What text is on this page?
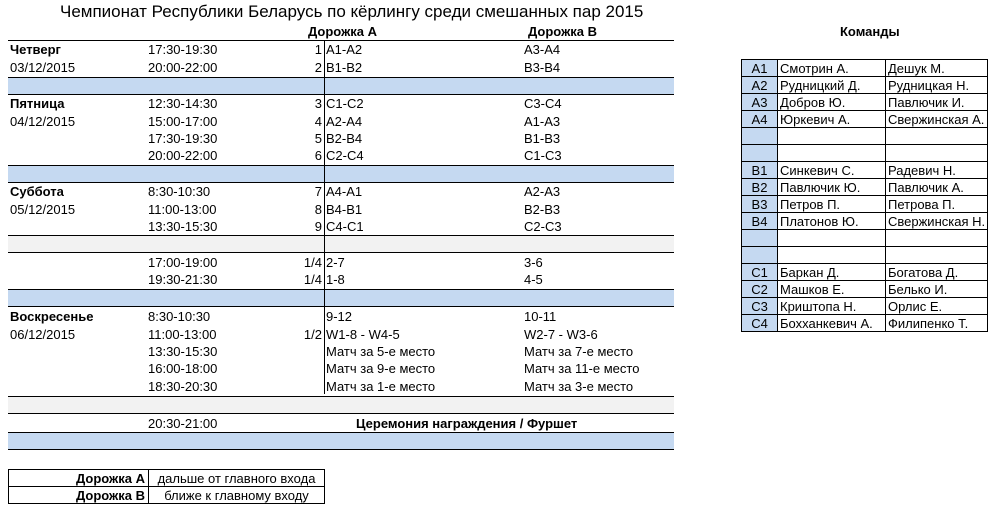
Чемпионат Республики Беларусь по кёрлингу среди смешанных пар 2015
Дорожка А	Дорожка В
Четверг	17:30-19:30	1 A1-A2	A3-A4
03/12/2015	20:00-22:00	2 B1-B2	B3-B4
Пятница	12:30-14:30	3 C1-C2	C3-C4
04/12/2015	15:00-17:00	4 A2-A4	A1-A3
17:30-19:30	5 B2-B4	B1-B3
20:00-22:00	6 C2-C4	C1-C3
Суббота	8:30-10:30	7 A4-A1	A2-A3
05/12/2015	11:00-13:00	8 B4-B1	B2-B3
13:30-15:30	9 C4-C1	C2-C3
17:00-19:00	1/4 2-7	3-6
19:30-21:30	1/4 1-8	4-5
Воскресенье	8:30-10:30	9-12	10-11
06/12/2015	11:00-13:00	1/2 W1-8 - W4-5	W2-7 - W3-6
13:30-15:30	Матч за 5-е место	Матч за 7-е место
16:00-18:00	Матч за 9-е место	Матч за 11-е место
18:30-20:30	Матч за 1-е место	Матч за 3-е место
20:30-21:00	Церемония награждения / Фуршет
Команды
A1	Смотрин А.	Дешук М.
A2	Рудницкий Д.	Рудницкая Н.
A3	Добров Ю.	Павлючик И.
A4	Юркевич А.	Свержинская А.

B1	Синкевич С.	Радевич Н.
B2	Павлючик Ю.	Павлючик А.
B3	Петров П.	Петрова П.
B4	Платонов Ю.	Свержинская Н.

C1	Баркан Д.	Богатова Д.
C2	Машков Е.	Белько И.
C3	Криштопа Н.	Орлис Е.
C4	Бохханкевич А.	Филипенко Т.
Дорожка А	дальше от главного входа
Дорожка В	ближе к главному входу
